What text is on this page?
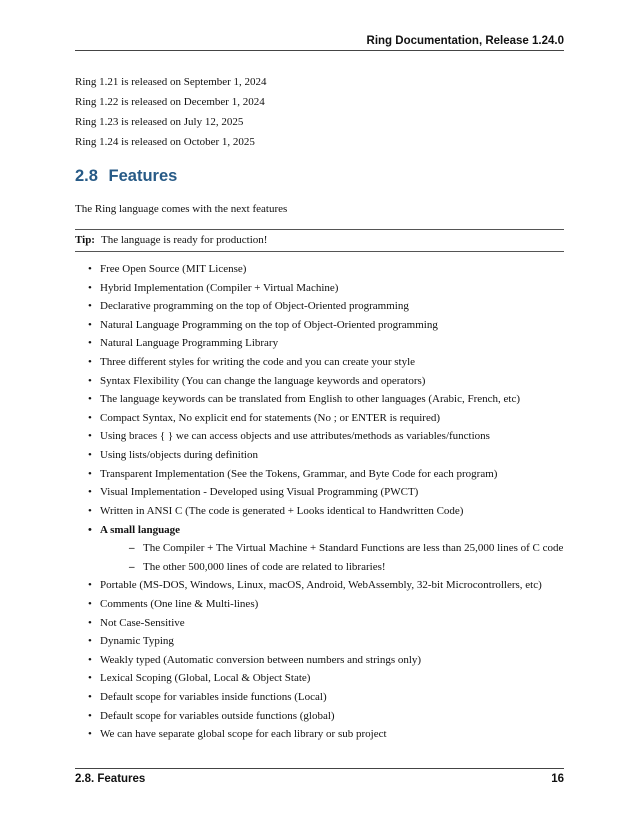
Ring Documentation, Release 1.24.0
Ring 1.21 is released on September 1, 2024
Ring 1.22 is released on December 1, 2024
Ring 1.23 is released on July 12, 2025
Ring 1.24 is released on October 1, 2025
2.8 Features

The Ring language comes with the next features

Tip: The language is ready for production!
• Free Open Source (MIT License)
• Hybrid Implementation (Compiler + Virtual Machine)
• Declarative programming on the top of Object-Oriented programming
• Natural Language Programming on the top of Object-Oriented programming
• Natural Language Programming Library
• Three different styles for writing the code and you can create your style
• Syntax Flexibility (You can change the language keywords and operators)
• The language keywords can be translated from English to other languages (Arabic, French, etc)
• Compact Syntax, No explicit end for statements (No ; or ENTER is required)
• Using braces { } we can access objects and use attributes/methods as variables/functions
• Using lists/objects during definition
• Transparent Implementation (See the Tokens, Grammar, and Byte Code for each program)
• Visual Implementation - Developed using Visual Programming (PWCT)
• Written in ANSI C (The code is generated + Looks identical to Handwritten Code)
• A small language
– The Compiler + The Virtual Machine + Standard Functions are less than 25,000 lines of C code
– The other 500,000 lines of code are related to libraries!
• Portable (MS-DOS, Windows, Linux, macOS, Android, WebAssembly, 32-bit Microcontrollers, etc)
• Comments (One line & Multi-lines)
• Not Case-Sensitive
• Dynamic Typing
• Weakly typed (Automatic conversion between numbers and strings only)
• Lexical Scoping (Global, Local & Object State)
• Default scope for variables inside functions (Local)
• Default scope for variables outside functions (global)
• We can have separate global scope for each library or sub project
2.8. Features	16
